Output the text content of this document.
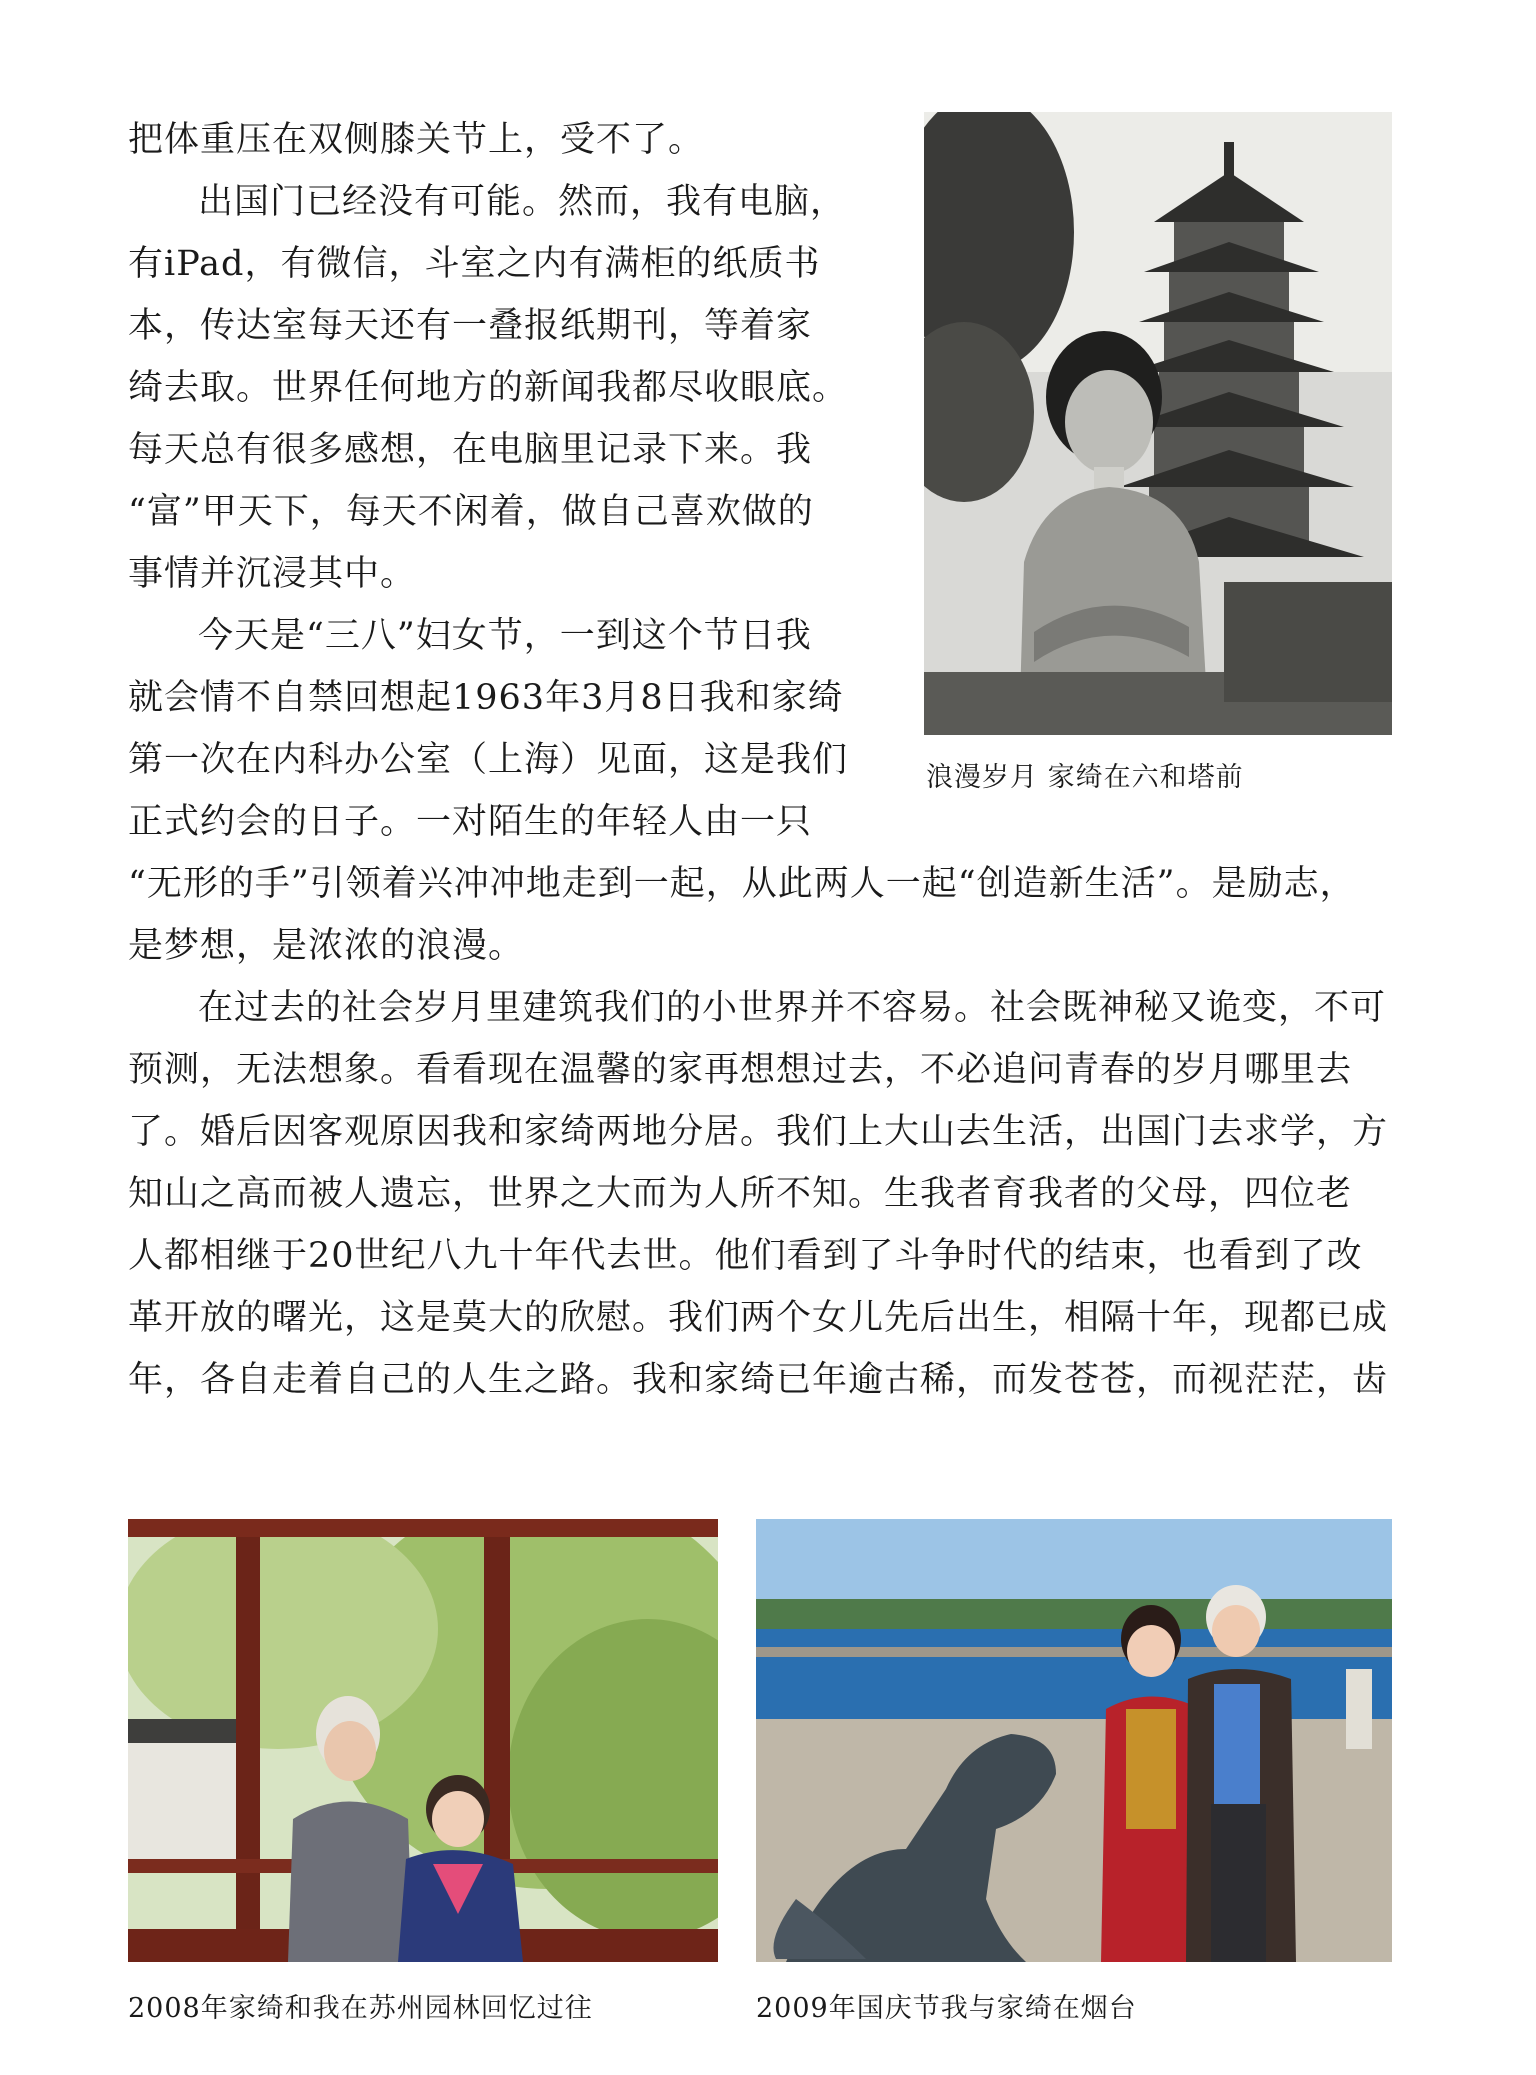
把体重压在双侧膝关节上，受不了。
出国门已经没有可能。然而，我有电脑，
有iPad，有微信，斗室之内有满柜的纸质书
本，传达室每天还有一叠报纸期刊，等着家
绮去取。世界任何地方的新闻我都尽收眼底。
每天总有很多感想，在电脑里记录下来。我
“富”甲天下，每天不闲着，做自己喜欢做的
事情并沉浸其中。
今天是“三八”妇女节，一到这个节日我
就会情不自禁回想起1963年3月8日我和家绮
第一次在内科办公室（上海）见面，这是我们
正式约会的日子。一对陌生的年轻人由一只
“无形的手”引领着兴冲冲地走到一起，从此两人一起“创造新生活”。是励志，
是梦想，是浓浓的浪漫。
在过去的社会岁月里建筑我们的小世界并不容易。社会既神秘又诡变，不可
预测，无法想象。看看现在温馨的家再想想过去，不必追问青春的岁月哪里去
了。婚后因客观原因我和家绮两地分居。我们上大山去生活，出国门去求学，方
知山之高而被人遗忘，世界之大而为人所不知。生我者育我者的父母，四位老
人都相继于20世纪八九十年代去世。他们看到了斗争时代的结束，也看到了改
革开放的曙光，这是莫大的欣慰。我们两个女儿先后出生，相隔十年，现都已成
年，各自走着自己的人生之路。我和家绮已年逾古稀，而发苍苍，而视茫茫，齿
浪漫岁月 家绮在六和塔前
2008年家绮和我在苏州园林回忆过往	2009年国庆节我与家绮在烟台
